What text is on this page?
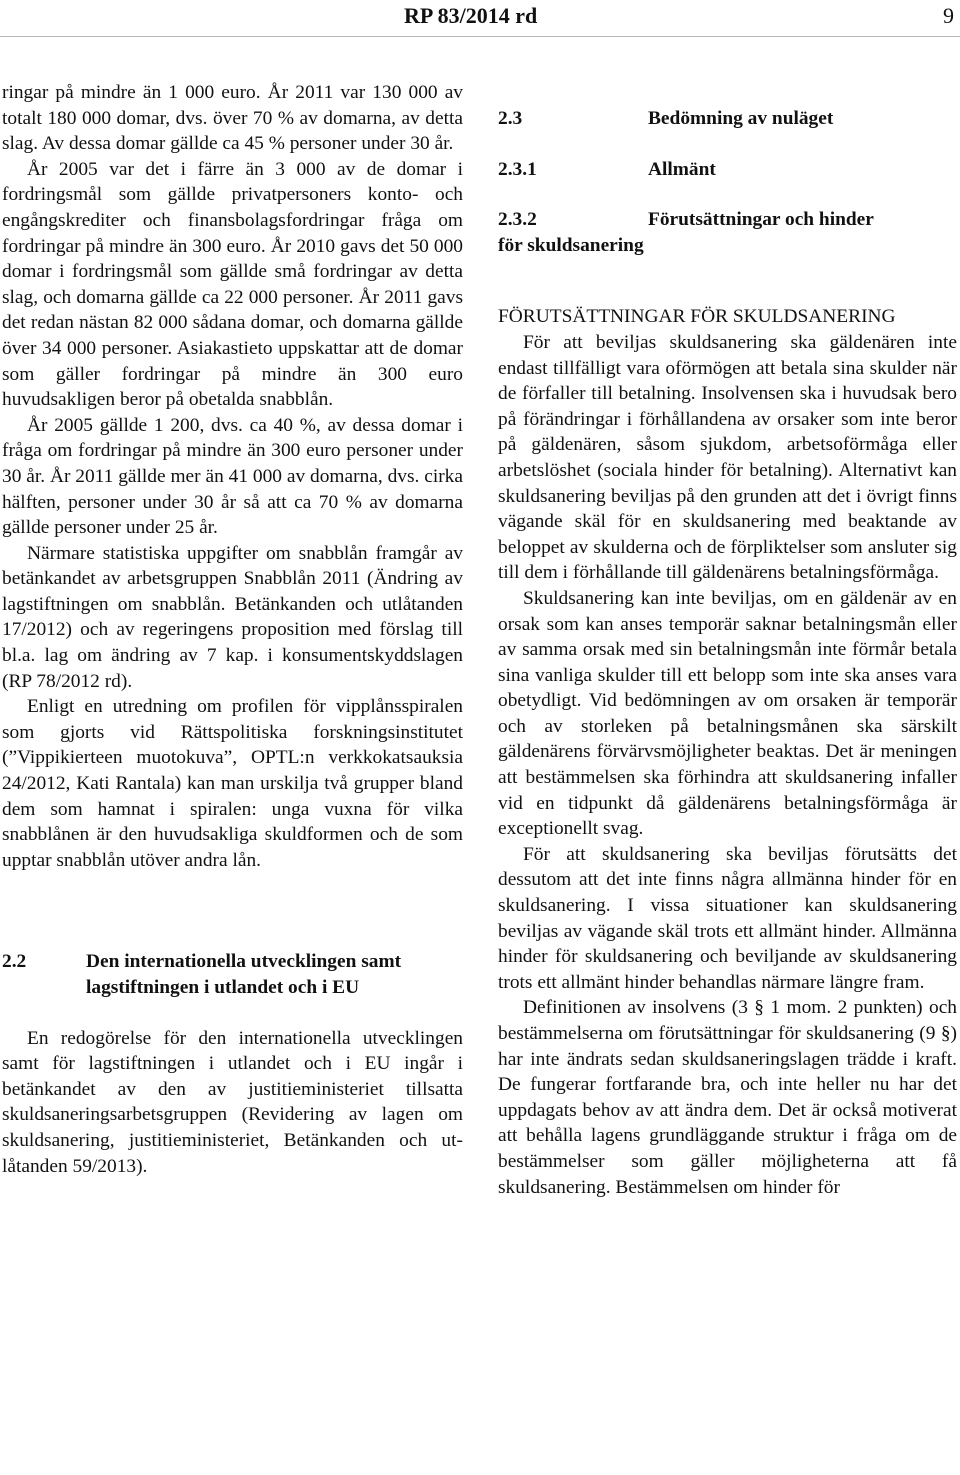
RP 83/2014 rd	9

ringar på mindre än 1 000 euro. År 2011 var 130 000 av totalt 180 000 domar, dvs. över 70 % av domarna, av detta slag. Av dessa domar gällde ca 45 % personer under 30 år.

År 2005 var det i färre än 3 000 av de domar i fordringsmål som gällde privatpersoners konto- och engångskrediter och finansbolagsfordringar fråga om fordringar på mindre än 300 euro. År 2010 gavs det 50 000 domar i fordringsmål som gällde små fordringar av detta slag, och domarna gällde ca 22 000 personer. År 2011 gavs det redan nästan 82 000 sådana domar, och domarna gällde över 34 000 personer. Asiakastieto uppskattar att de domar som gäller fordringar på mindre än 300 euro huvudsakligen beror på obetalda snabblån.

År 2005 gällde 1 200, dvs. ca 40 %, av dessa domar i fråga om fordringar på mindre än 300 euro personer under 30 år. År 2011 gällde mer än 41 000 av domarna, dvs. cirka hälften, personer under 30 år så att ca 70 % av domarna gällde personer under 25 år.

Närmare statistiska uppgifter om snabblån framgår av betänkandet av arbetsgruppen Snabblån 2011 (Ändring av lagstiftningen om snabblån. Betänkanden och utlåtanden 17/2012) och av regeringens proposition med förslag till bl.a. lag om ändring av 7 kap. i konsumentskyddslagen (RP 78/2012 rd).

Enligt en utredning om profilen för vipplånsspiralen som gjorts vid Rättspolitiska forskningsinstitutet (”Vippikierteen muotokuva”, OPTL:n verkkokatsauksia 24/2012, Kati Rantala) kan man urskilja två grupper bland dem som hamnat i spiralen: unga vuxna för vilka snabblånen är den huvudsakliga skuldformen och de som upptar snabblån utöver andra lån.

2.2	Den internationella utvecklingen samt lagstiftningen i utlandet och i EU

En redogörelse för den internationella utvecklingen samt för lagstiftningen i utlandet och i EU ingår i betänkandet av den av justitieministeriet tillsatta skuldsaneringsarbetsgruppen (Revidering av lagen om skuldsanering, justitieministeriet, Betänkanden och utlåtanden 59/2013).

2.3	Bedömning av nuläget
2.3.1	Allmänt
2.3.2	Förutsättningar och hinder
för skuldsanering

FÖRUTSÄTTNINGAR FÖR SKULDSANERING

För att beviljas skuldsanering ska gäldenären inte endast tillfälligt vara oförmögen att betala sina skulder när de förfaller till betalning. Insolvensen ska i huvudsak bero på förändringar i förhållandena av orsaker som inte beror på gäldenären, såsom sjukdom, arbetsoförmåga eller arbetslöshet (sociala hinder för betalning). Alternativt kan skuldsanering beviljas på den grunden att det i övrigt finns vägande skäl för en skuldsanering med beaktande av beloppet av skulderna och de förpliktelser som ansluter sig till dem i förhållande till gäldenärens betalningsförmåga.

Skuldsanering kan inte beviljas, om en gäldenär av en orsak som kan anses temporär saknar betalningsmån eller av samma orsak med sin betalningsmån inte förmår betala sina vanliga skulder till ett belopp som inte ska anses vara obetydligt. Vid bedömningen av om orsaken är temporär och av storleken på betalningsmånen ska särskilt gäldenärens förvärvsmöjligheter beaktas. Det är meningen att bestämmelsen ska förhindra att skuldsanering infaller vid en tidpunkt då gäldenärens betalningsförmåga är exceptionellt svag.

För att skuldsanering ska beviljas förutsätts det dessutom att det inte finns några allmänna hinder för en skuldsanering. I vissa situationer kan skuldsanering beviljas av vägande skäl trots ett allmänt hinder. Allmänna hinder för skuldsanering och beviljande av skuldsanering trots ett allmänt hinder behandlas närmare längre fram.

Definitionen av insolvens (3 § 1 mom. 2 punkten) och bestämmelserna om förutsättningar för skuldsanering (9 §) har inte ändrats sedan skuldsaneringslagen trädde i kraft. De fungerar fortfarande bra, och inte heller nu har det uppdagats behov av att ändra dem. Det är också motiverat att behålla lagens grundläggande struktur i fråga om de bestämmelser som gäller möjligheterna att få skuldsanering. Bestämmelsen om hinder för
